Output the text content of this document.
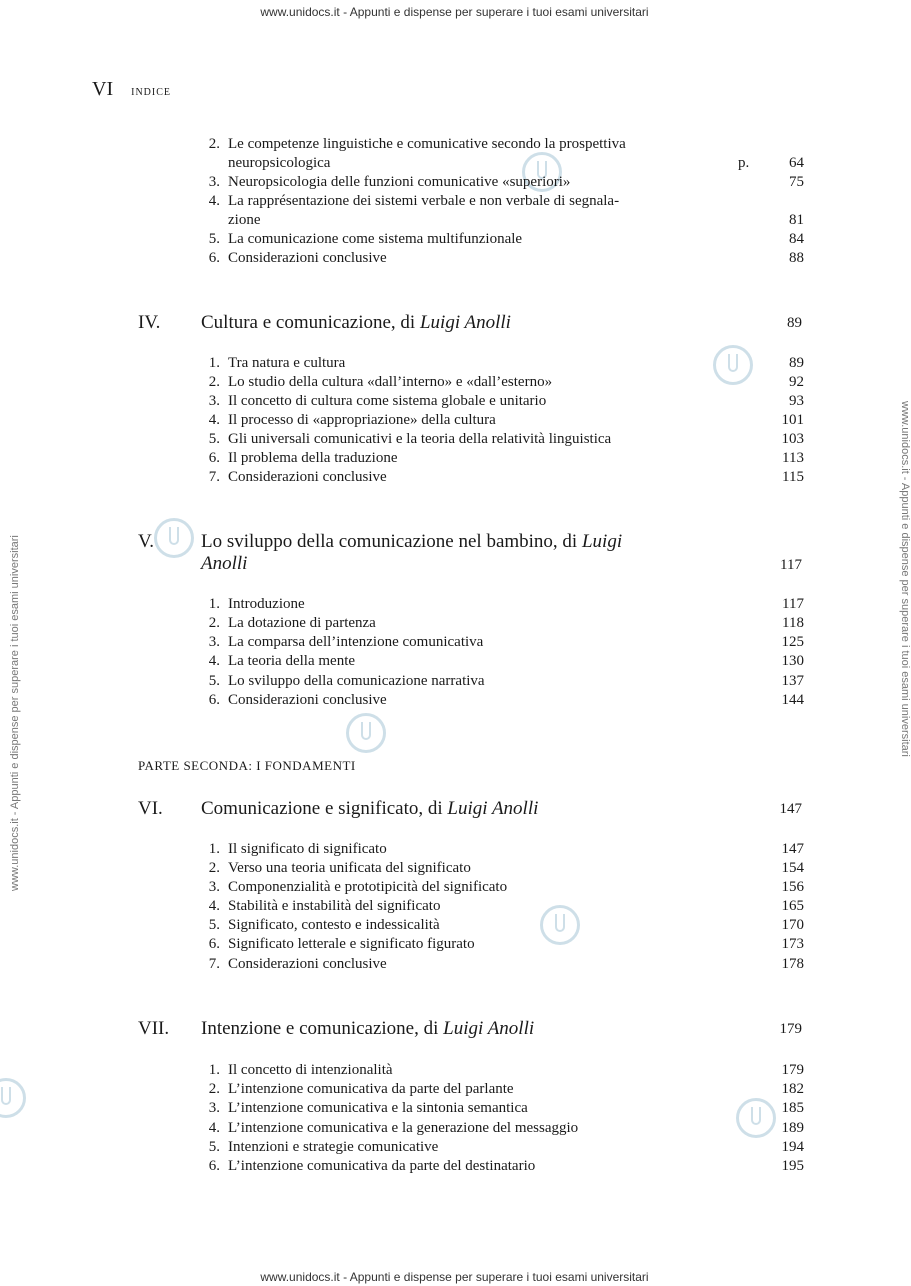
www.unidocs.it - Appunti e dispense per superare i tuoi esami universitari
www.unidocs.it - Appunti e dispense per superare i tuoi esami universitari
www.unidocs.it - Appunti e dispense per superare i tuoi esami universitari	www.unidocs.it - Appunti e dispense per superare i tuoi esami universitari
VI INDICE
2. Le competenze linguistiche e comunicative secondo la prospettiva
neuropsicologica	p.	64
3. Neuropsicologia delle funzioni comunicative «superiori»	75
4. La rapprésentazione dei sistemi verbale e non verbale di segnala-
zione	81
5. La comunicazione come sistema multifunzionale	84
6. Considerazioni conclusive	88
IV. Cultura e comunicazione, di Luigi Anolli	89
1. Tra natura e cultura	89
2. Lo studio della cultura «dall’interno» e «dall’esterno»	92
3. Il concetto di cultura come sistema globale e unitario	93
4. Il processo di «appropriazione» della cultura	101
5. Gli universali comunicativi e la teoria della relatività linguistica	103
6. Il problema della traduzione	113
7. Considerazioni conclusive	115
V. Lo sviluppo della comunicazione nel bambino, di Luigi
Anolli	117
1. Introduzione	117
2. La dotazione di partenza	118
3. La comparsa dell’intenzione comunicativa	125
4. La teoria della mente	130
5. Lo sviluppo della comunicazione narrativa	137
6. Considerazioni conclusive	144
PARTE SECONDA: I FONDAMENTI
VI. Comunicazione e significato, di Luigi Anolli	147
1. Il significato di significato	147
2. Verso una teoria unificata del significato	154
3. Componenzialità e prototipicità del significato	156
4. Stabilità e instabilità del significato	165
5. Significato, contesto e indessicalità	170
6. Significato letterale e significato figurato	173
7. Considerazioni conclusive	178
VII. Intenzione e comunicazione, di Luigi Anolli	179
1. Il concetto di intenzionalità	179
2. L’intenzione comunicativa da parte del parlante	182
3. L’intenzione comunicativa e la sintonia semantica	185
4. L’intenzione comunicativa e la generazione del messaggio	189
5. Intenzioni e strategie comunicative	194
6. L’intenzione comunicativa da parte del destinatario	195
